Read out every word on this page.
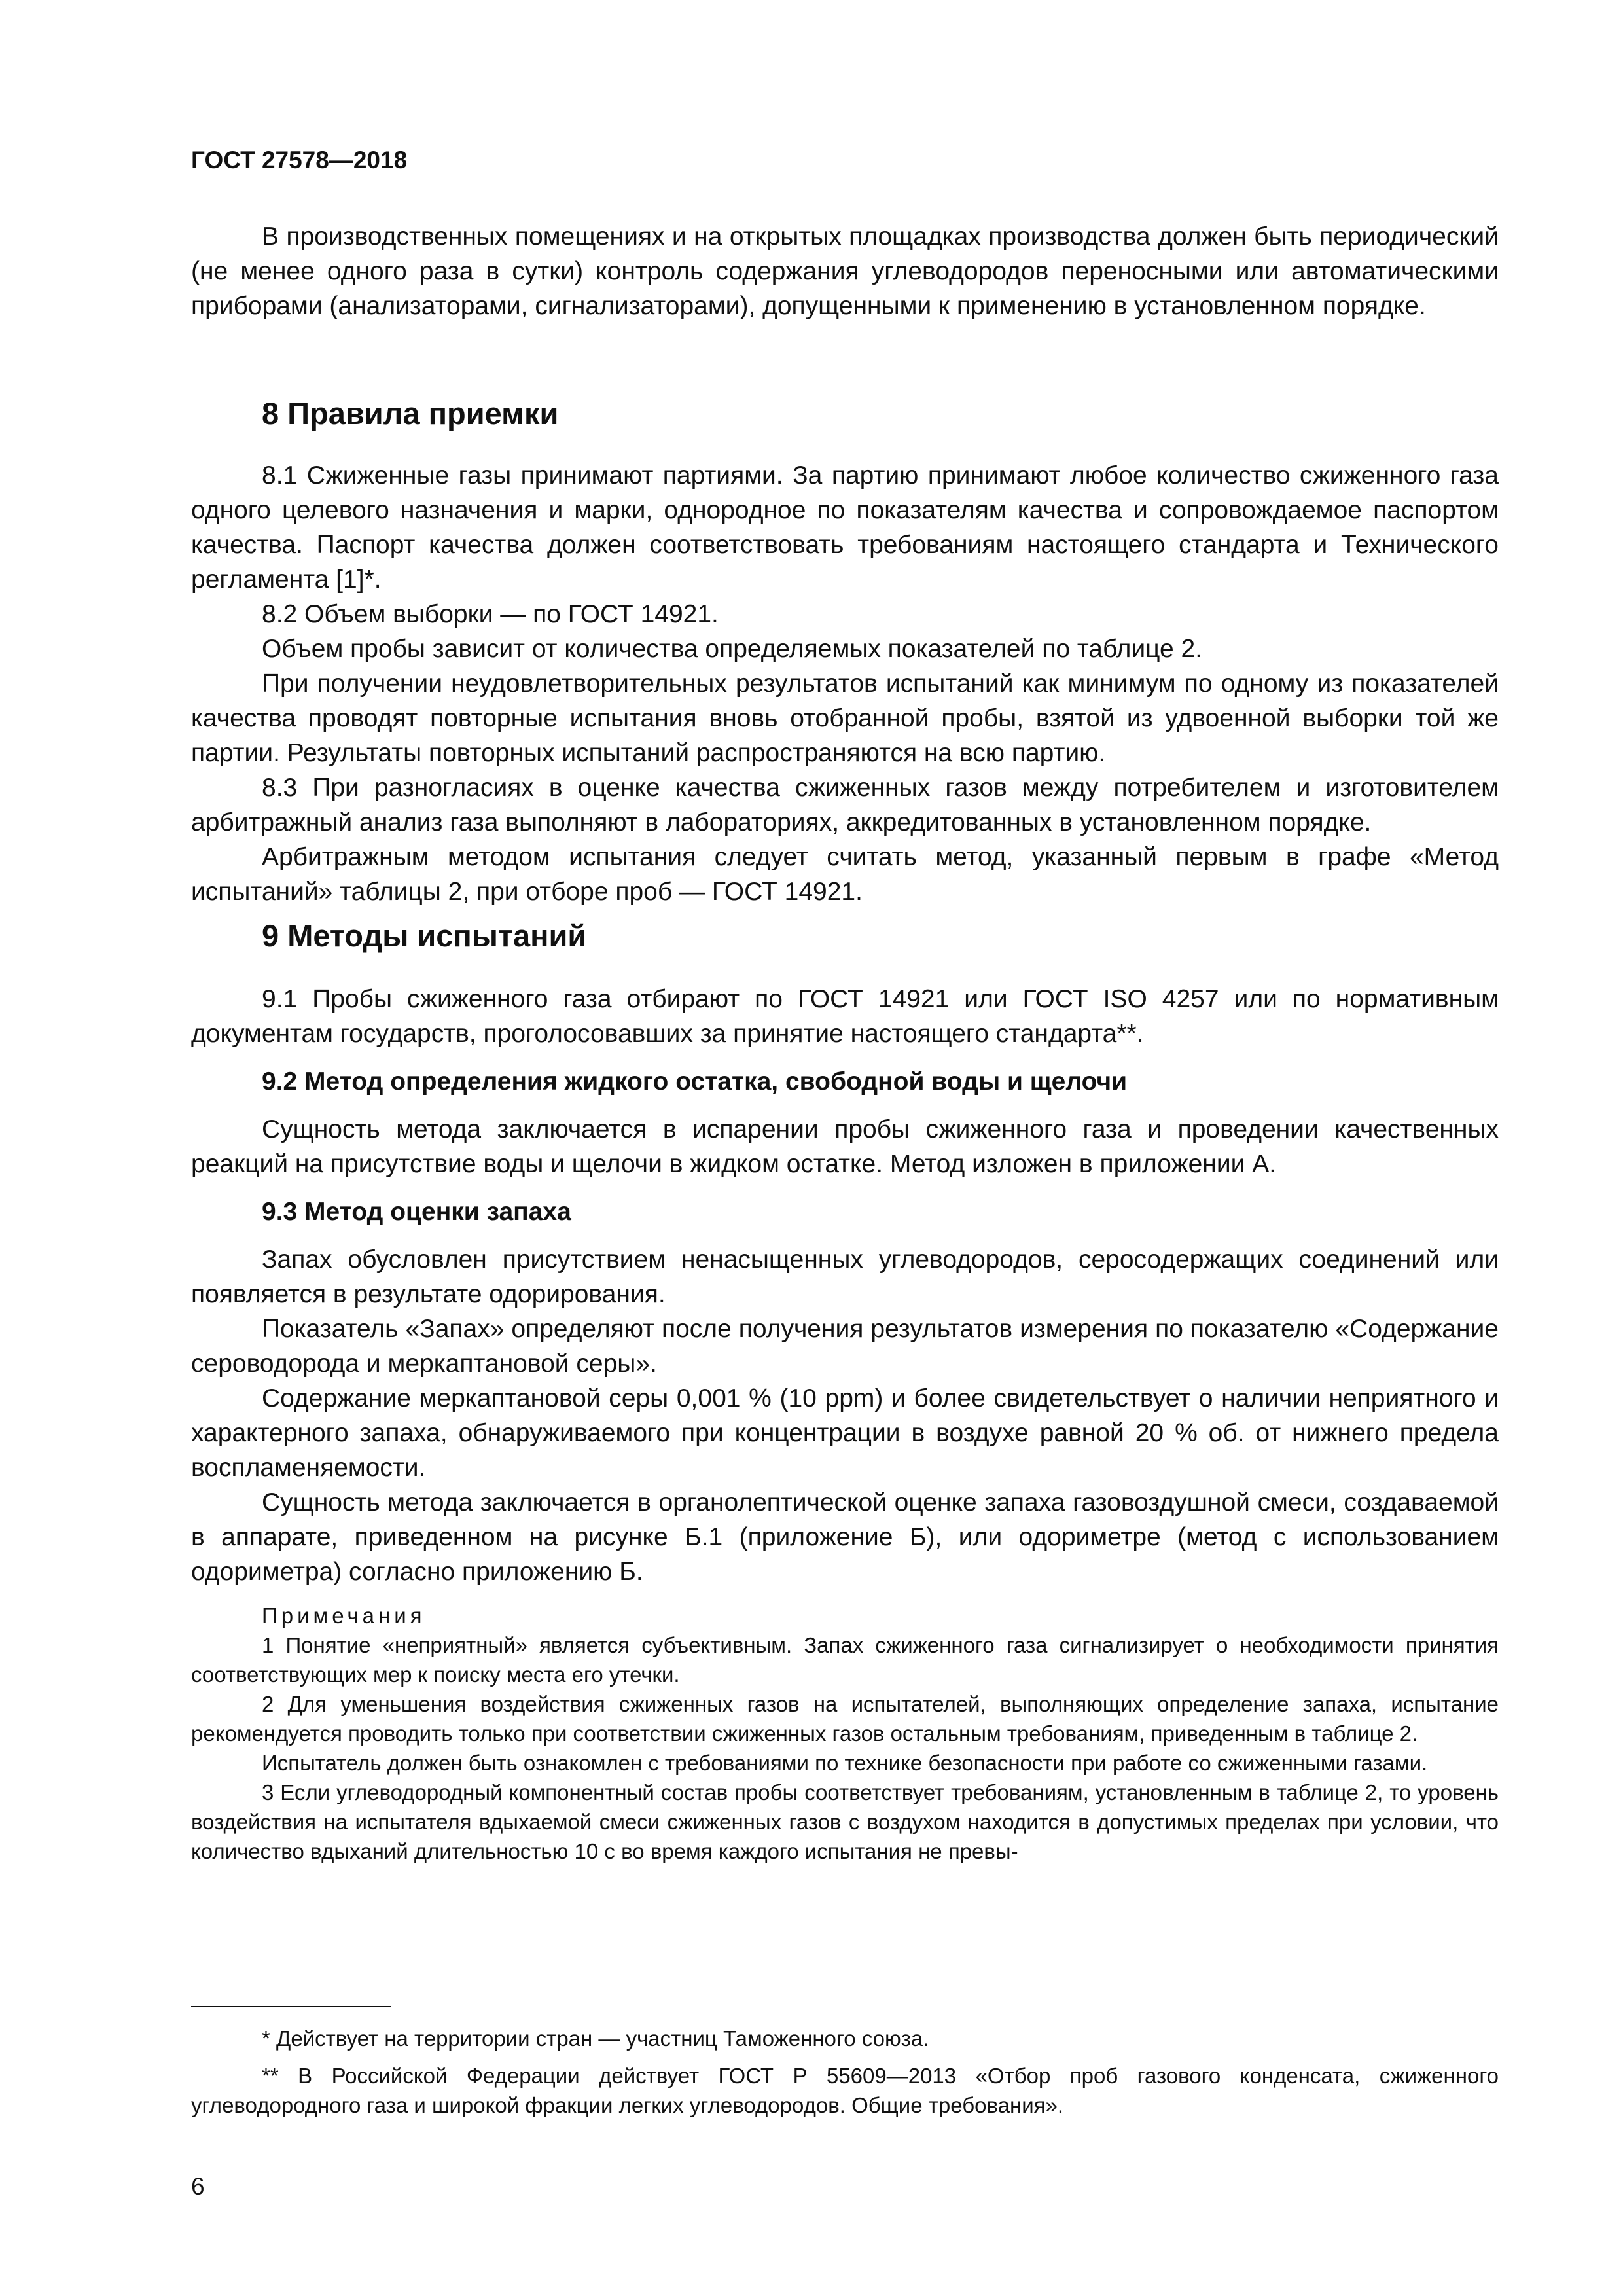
ГОСТ 27578—2018

В производственных помещениях и на открытых площадках производства должен быть периодический (не менее одного раза в сутки) контроль содержания углеводородов переносными или автоматическими приборами (анализаторами, сигнализаторами), допущенными к применению в установленном порядке.

8 Правила приемки

8.1 Сжиженные газы принимают партиями. За партию принимают любое количество сжиженного газа одного целевого назначения и марки, однородное по показателям качества и сопровождаемое паспортом качества. Паспорт качества должен соответствовать требованиям настоящего стандарта и Технического регламента [1]*.

8.2 Объем выборки — по ГОСТ 14921.

Объем пробы зависит от количества определяемых показателей по таблице 2.

При получении неудовлетворительных результатов испытаний как минимум по одному из показателей качества проводят повторные испытания вновь отобранной пробы, взятой из удвоенной выборки той же партии. Результаты повторных испытаний распространяются на всю партию.

8.3 При разногласиях в оценке качества сжиженных газов между потребителем и изготовителем арбитражный анализ газа выполняют в лабораториях, аккредитованных в установленном порядке.

Арбитражным методом испытания следует считать метод, указанный первым в графе «Метод испытаний» таблицы 2, при отборе проб — ГОСТ 14921.

9 Методы испытаний

9.1 Пробы сжиженного газа отбирают по ГОСТ 14921 или ГОСТ ISO 4257 или по нормативным документам государств, проголосовавших за принятие настоящего стандарта**.

9.2 Метод определения жидкого остатка, свободной воды и щелочи

Сущность метода заключается в испарении пробы сжиженного газа и проведении качественных реакций на присутствие воды и щелочи в жидком остатке. Метод изложен в приложении А.

9.3 Метод оценки запаха

Запах обусловлен присутствием ненасыщенных углеводородов, серосодержащих соединений или появляется в результате одорирования.

Показатель «Запах» определяют после получения результатов измерения по показателю «Содержание сероводорода и меркаптановой серы».

Содержание меркаптановой серы 0,001 % (10 ppm) и более свидетельствует о наличии неприятного и характерного запаха, обнаруживаемого при концентрации в воздухе равной 20 % об. от нижнего предела воспламеняемости.

Сущность метода заключается в органолептической оценке запаха газовоздушной смеси, создаваемой в аппарате, приведенном на рисунке Б.1 (приложение Б), или одориметре (метод с использованием одориметра) согласно приложению Б.

Примечания

1 Понятие «неприятный» является субъективным. Запах сжиженного газа сигнализирует о необходимости принятия соответствующих мер к поиску места его утечки.

2 Для уменьшения воздействия сжиженных газов на испытателей, выполняющих определение запаха, испытание рекомендуется проводить только при соответствии сжиженных газов остальным требованиям, приведенным в таблице 2.

Испытатель должен быть ознакомлен с требованиями по технике безопасности при работе со сжиженными газами.

3 Если углеводородный компонентный состав пробы соответствует требованиям, установленным в таблице 2, то уровень воздействия на испытателя вдыхаемой смеси сжиженных газов с воздухом находится в допустимых пределах при условии, что количество вдыханий длительностью 10 с во время каждого испытания не превы-

* Действует на территории стран — участниц Таможенного союза.

** В Российской Федерации действует ГОСТ Р 55609—2013 «Отбор проб газового конденсата, сжиженного углеводородного газа и широкой фракции легких углеводородов. Общие требования».

6
